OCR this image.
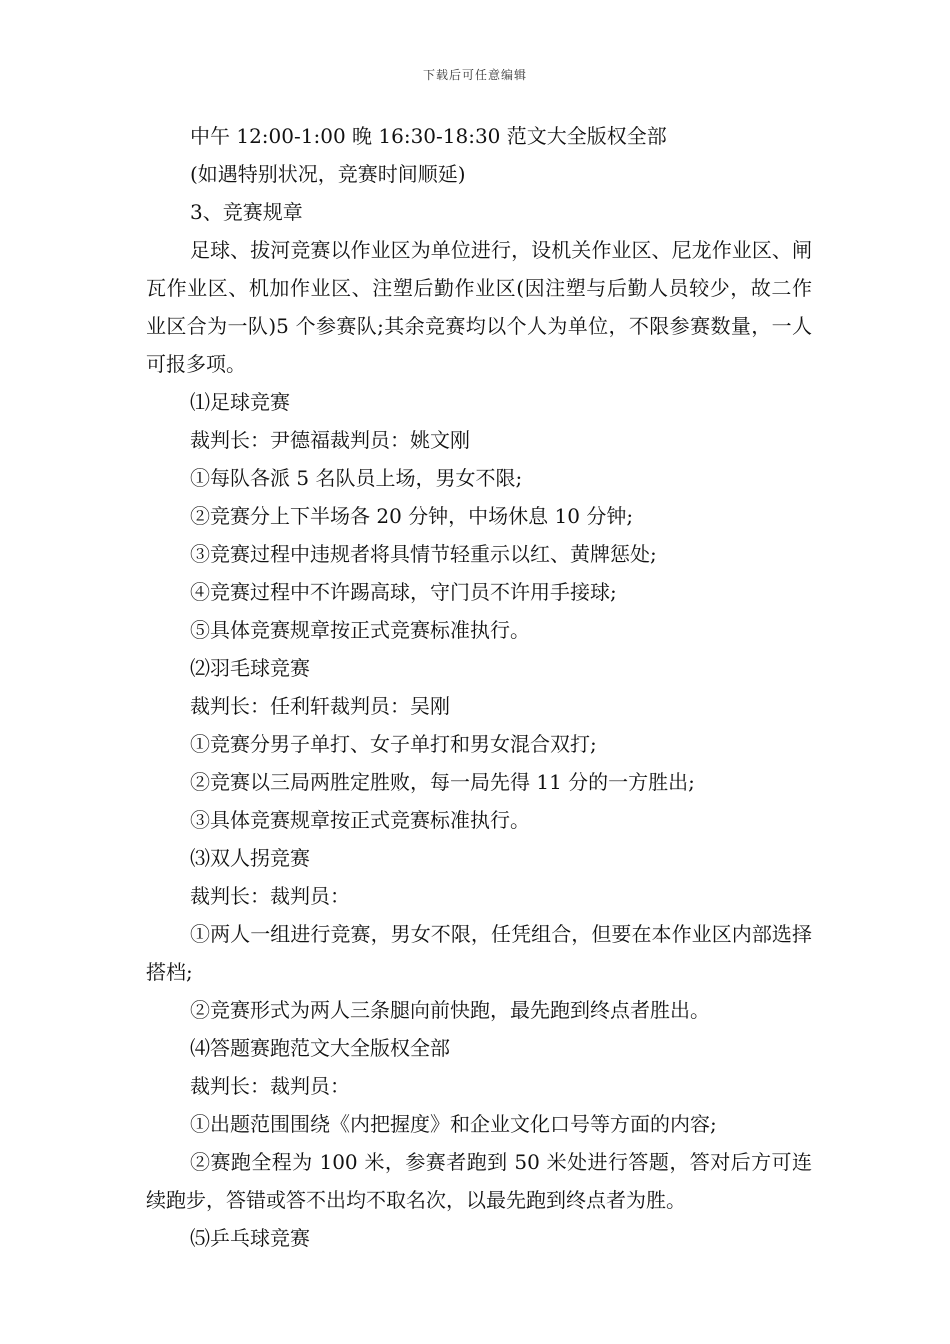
下载后可任意编辑

中午 12:00-1:00 晚 16:30-18:30 范文大全版权全部

(如遇特别状况，竞赛时间顺延)

3、竞赛规章

足球、拔河竞赛以作业区为单位进行，设机关作业区、尼龙作业区、闸瓦作业区、机加作业区、注塑后勤作业区(因注塑与后勤人员较少，故二作业区合为一队)5 个参赛队;其余竞赛均以个人为单位，不限参赛数量，一人可报多项。

⑴足球竞赛

裁判长：尹德福裁判员：姚文刚

①每队各派 5 名队员上场，男女不限;

②竞赛分上下半场各 20 分钟，中场休息 10 分钟;

③竞赛过程中违规者将具情节轻重示以红、黄牌惩处;

④竞赛过程中不许踢高球，守门员不许用手接球;

⑤具体竞赛规章按正式竞赛标准执行。

⑵羽毛球竞赛

裁判长：任利轩裁判员：吴刚

①竞赛分男子单打、女子单打和男女混合双打;

②竞赛以三局两胜定胜败，每一局先得 11 分的一方胜出;

③具体竞赛规章按正式竞赛标准执行。

⑶双人拐竞赛

裁判长：裁判员：

①两人一组进行竞赛，男女不限，任凭组合，但要在本作业区内部选择搭档;

②竞赛形式为两人三条腿向前快跑，最先跑到终点者胜出。

⑷答题赛跑范文大全版权全部

裁判长：裁判员：

①出题范围围绕《内把握度》和企业文化口号等方面的内容;

②赛跑全程为 100 米，参赛者跑到 50 米处进行答题，答对后方可连续跑步，答错或答不出均不取名次，以最先跑到终点者为胜。

⑸乒乓球竞赛
